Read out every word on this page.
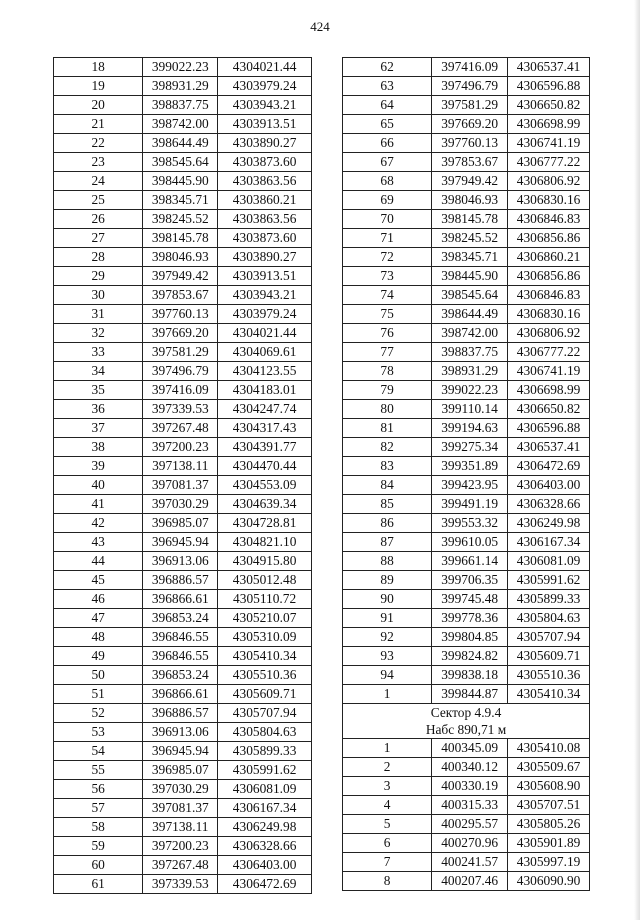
424
18	399022.23	4304021.44
19	398931.29	4303979.24
20	398837.75	4303943.21
21	398742.00	4303913.51
22	398644.49	4303890.27
23	398545.64	4303873.60
24	398445.90	4303863.56
25	398345.71	4303860.21
26	398245.52	4303863.56
27	398145.78	4303873.60
28	398046.93	4303890.27
29	397949.42	4303913.51
30	397853.67	4303943.21
31	397760.13	4303979.24
32	397669.20	4304021.44
33	397581.29	4304069.61
34	397496.79	4304123.55
35	397416.09	4304183.01
36	397339.53	4304247.74
37	397267.48	4304317.43
38	397200.23	4304391.77
39	397138.11	4304470.44
40	397081.37	4304553.09
41	397030.29	4304639.34
42	396985.07	4304728.81
43	396945.94	4304821.10
44	396913.06	4304915.80
45	396886.57	4305012.48
46	396866.61	4305110.72
47	396853.24	4305210.07
48	396846.55	4305310.09
49	396846.55	4305410.34
50	396853.24	4305510.36
51	396866.61	4305609.71
52	396886.57	4305707.94
53	396913.06	4305804.63
54	396945.94	4305899.33
55	396985.07	4305991.62
56	397030.29	4306081.09
57	397081.37	4306167.34
58	397138.11	4306249.98
59	397200.23	4306328.66
60	397267.48	4306403.00
61	397339.53	4306472.69
62	397416.09	4306537.41
63	397496.79	4306596.88
64	397581.29	4306650.82
65	397669.20	4306698.99
66	397760.13	4306741.19
67	397853.67	4306777.22
68	397949.42	4306806.92
69	398046.93	4306830.16
70	398145.78	4306846.83
71	398245.52	4306856.86
72	398345.71	4306860.21
73	398445.90	4306856.86
74	398545.64	4306846.83
75	398644.49	4306830.16
76	398742.00	4306806.92
77	398837.75	4306777.22
78	398931.29	4306741.19
79	399022.23	4306698.99
80	399110.14	4306650.82
81	399194.63	4306596.88
82	399275.34	4306537.41
83	399351.89	4306472.69
84	399423.95	4306403.00
85	399491.19	4306328.66
86	399553.32	4306249.98
87	399610.05	4306167.34
88	399661.14	4306081.09
89	399706.35	4305991.62
90	399745.48	4305899.33
91	399778.36	4305804.63
92	399804.85	4305707.94
93	399824.82	4305609.71
94	399838.18	4305510.36
1	399844.87	4305410.34

Сектор 4.9.4
Набс 890,71 м		

1	400345.09	4305410.08
2	400340.12	4305509.67
3	400330.19	4305608.90
4	400315.33	4305707.51
5	400295.57	4305805.26
6	400270.96	4305901.89
7	400241.57	4305997.19
8	400207.46	4306090.90
